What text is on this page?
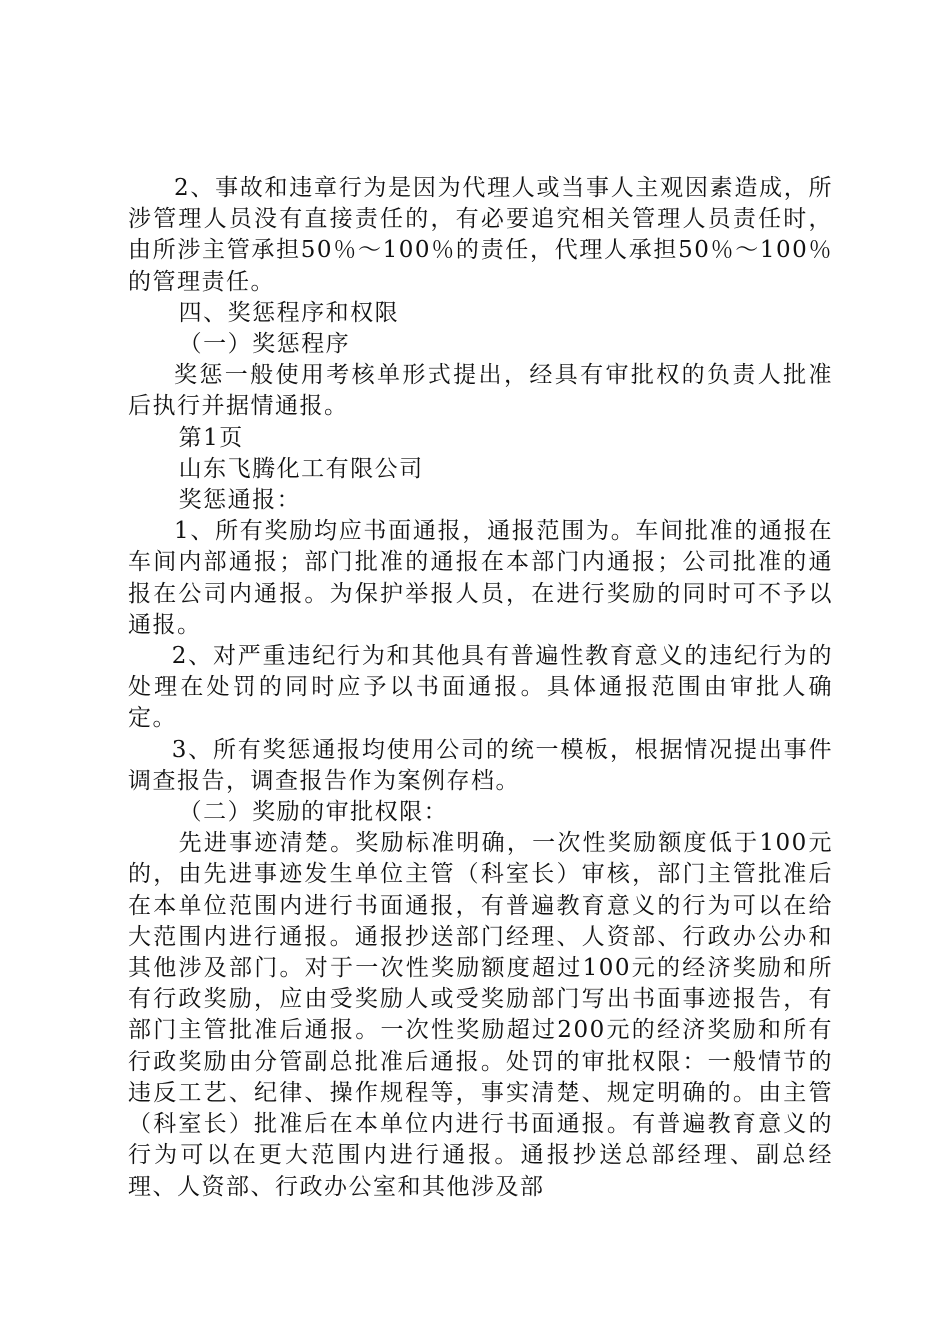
2、事故和违章行为是因为代理人或当事人主观因素造成，所涉管理人员没有直接责任的，有必要追究相关管理人员责任时，由所涉主管承担50％～100％的责任，代理人承担50％～100％的管理责任。

四、奖惩程序和权限

（一）奖惩程序

奖惩一般使用考核单形式提出，经具有审批权的负责人批准后执行并据情通报。

第1页

山东飞腾化工有限公司

奖惩通报：

1、所有奖励均应书面通报，通报范围为。车间批准的通报在车间内部通报；部门批准的通报在本部门内通报；公司批准的通报在公司内通报。为保护举报人员，在进行奖励的同时可不予以通报。

2、对严重违纪行为和其他具有普遍性教育意义的违纪行为的处理在处罚的同时应予以书面通报。具体通报范围由审批人确定。

3、所有奖惩通报均使用公司的统一模板，根据情况提出事件调查报告，调查报告作为案例存档。

（二）奖励的审批权限：

先进事迹清楚。奖励标准明确，一次性奖励额度低于100元的，由先进事迹发生单位主管（科室长）审核，部门主管批准后在本单位范围内进行书面通报，有普遍教育意义的行为可以在给大范围内进行通报。通报抄送部门经理、人资部、行政办公办和其他涉及部门。对于一次性奖励额度超过100元的经济奖励和所有行政奖励，应由受奖励人或受奖励部门写出书面事迹报告，有部门主管批准后通报。一次性奖励超过200元的经济奖励和所有行政奖励由分管副总批准后通报。处罚的审批权限：一般情节的违反工艺、纪律、操作规程等，事实清楚、规定明确的。由主管（科室长）批准后在本单位内进行书面通报。有普遍教育意义的行为可以在更大范围内进行通报。通报抄送总部经理、副总经理、人资部、行政办公室和其他涉及部
